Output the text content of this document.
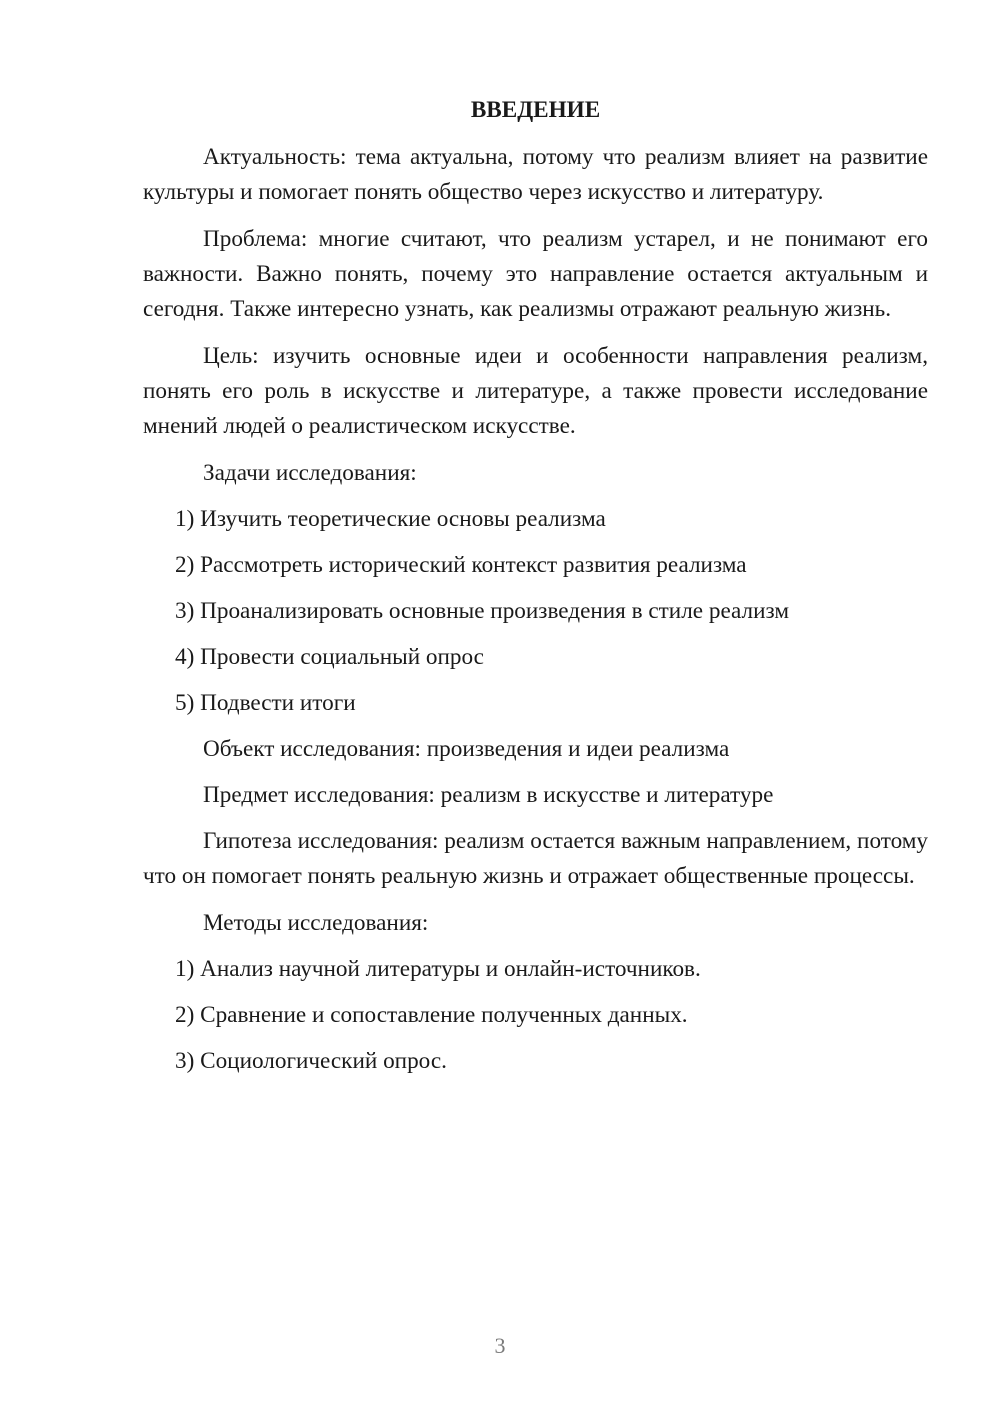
ВВЕДЕНИЕ

Актуальность: тема актуальна, потому что реализм влияет на развитие культуры и помогает понять общество через искусство и литературу.

Проблема: многие считают, что реализм устарел, и не понимают его важности. Важно понять, почему это направление остается актуальным и сегодня. Также интересно узнать, как реализмы отражают реальную жизнь.

Цель: изучить основные идеи и особенности направления реализм, понять его роль в искусстве и литературе, а также провести исследование мнений людей о реалистическом искусстве.

Задачи исследования:
1) Изучить теоретические основы реализма
2) Рассмотреть исторический контекст развития реализма
3) Проанализировать основные произведения в стиле реализм
4) Провести социальный опрос
5) Подвести итоги
Объект исследования: произведения и идеи реализма
Предмет исследования: реализм в искусстве и литературе

Гипотеза исследования: реализм остается важным направлением, потому что он помогает понять реальную жизнь и отражает общественные процессы.

Методы исследования:
1) Анализ научной литературы и онлайн-источников.
2) Сравнение и сопоставление полученных данных.
3) Социологический опрос.
3
